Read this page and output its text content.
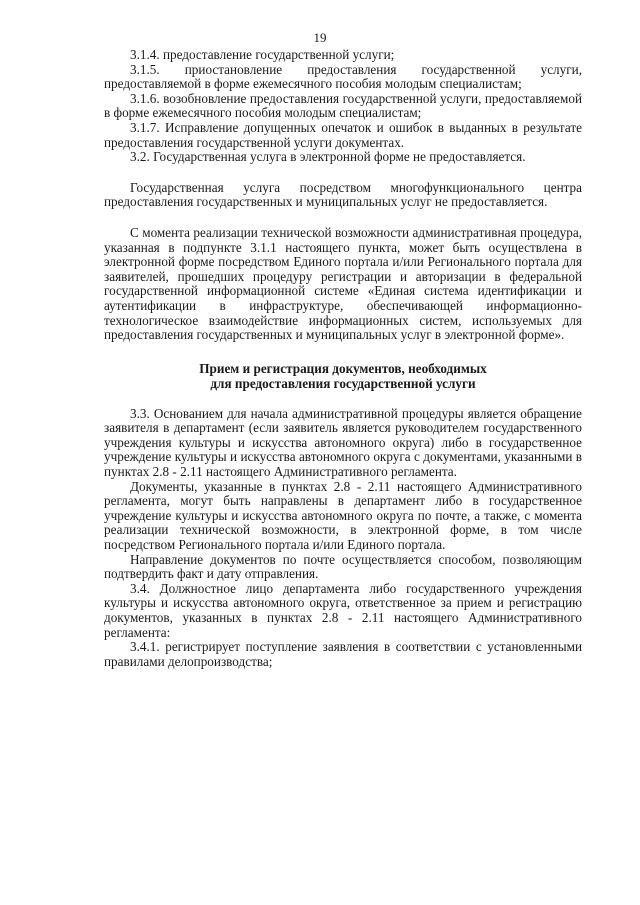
19

3.1.4. предоставление государственной услуги;

3.1.5. приостановление предоставления государственной услуги, предоставляемой в форме ежемесячного пособия молодым специалистам;

3.1.6. возобновление предоставления государственной услуги, предоставляемой в форме ежемесячного пособия молодым специалистам;

3.1.7. Исправление допущенных опечаток и ошибок в выданных в результате предоставления государственной услуги документах.

3.2. Государственная услуга в электронной форме не предоставляется.

Государственная услуга посредством многофункционального центра предоставления государственных и муниципальных услуг не предоставляется.

С момента реализации технической возможности административная процедура, указанная в подпункте 3.1.1 настоящего пункта, может быть осуществлена в электронной форме посредством Единого портала и/или Регионального портала для заявителей, прошедших процедуру регистрации и авторизации в федеральной государственной информационной системе «Единая система идентификации и аутентификации в инфраструктуре, обеспечивающей информационно-технологическое взаимодействие информационных систем, используемых для предоставления государственных и муниципальных услуг в электронной форме».

Прием и регистрация документов, необходимых
для предоставления государственной услуги

3.3. Основанием для начала административной процедуры является обращение заявителя в департамент (если заявитель является руководителем государственного учреждения культуры и искусства автономного округа) либо в государственное учреждение культуры и искусства автономного округа с документами, указанными в пунктах 2.8 - 2.11 настоящего Административного регламента.

Документы, указанные в пунктах 2.8 - 2.11 настоящего Административного регламента, могут быть направлены в департамент либо в государственное учреждение культуры и искусства автономного округа по почте, а также, с момента реализации технической возможности, в электронной форме, в том числе посредством Регионального портала и/или Единого портала.

Направление документов по почте осуществляется способом, позволяющим подтвердить факт и дату отправления.

3.4. Должностное лицо департамента либо государственного учреждения культуры и искусства автономного округа, ответственное за прием и регистрацию документов, указанных в пунктах 2.8 - 2.11 настоящего Административного регламента:

3.4.1. регистрирует поступление заявления в соответствии с установленными правилами делопроизводства;
